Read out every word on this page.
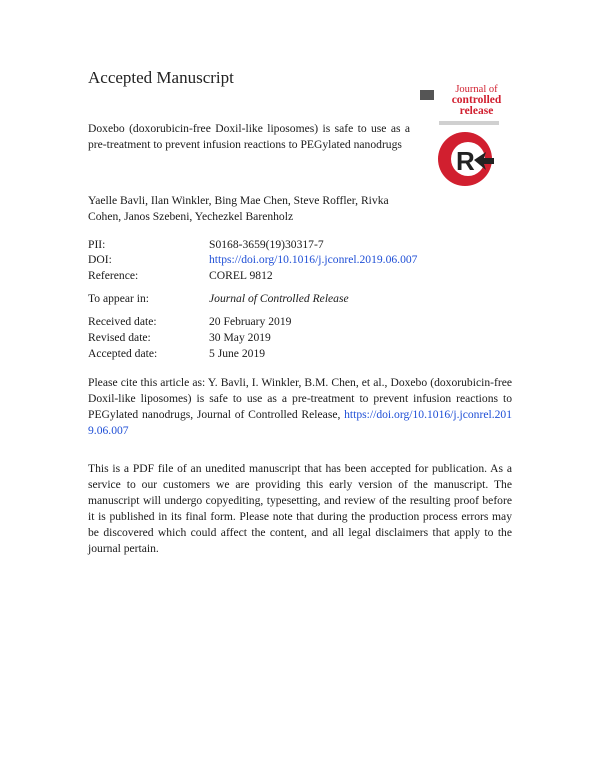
Accepted Manuscript
Journal of
controlled
release
R
Doxebo (doxorubicin-free Doxil-like liposomes) is safe to use as a pre-treatment to prevent infusion reactions to PEGylated nanodrugs
Yaelle Bavli, Ilan Winkler, Bing Mae Chen, Steve Roffler, Rivka Cohen, Janos Szebeni, Yechezkel Barenholz
PII:	S0168-3659(19)30317-7
DOI:	https://doi.org/10.1016/j.jconrel.2019.06.007
Reference:	COREL 9812
To appear in:	Journal of Controlled Release
Received date:	20 February 2019
Revised date:	30 May 2019
Accepted date:	5 June 2019
Please cite this article as: Y. Bavli, I. Winkler, B.M. Chen, et al., Doxebo (doxorubicin-free Doxil-like liposomes) is safe to use as a pre-treatment to prevent infusion reactions to PEGylated nanodrugs, Journal of Controlled Release, https://doi.org/10.1016/j.jconrel.2019.06.007
This is a PDF file of an unedited manuscript that has been accepted for publication. As a service to our customers we are providing this early version of the manuscript. The manuscript will undergo copyediting, typesetting, and review of the resulting proof before it is published in its final form. Please note that during the production process errors may be discovered which could affect the content, and all legal disclaimers that apply to the journal pertain.
